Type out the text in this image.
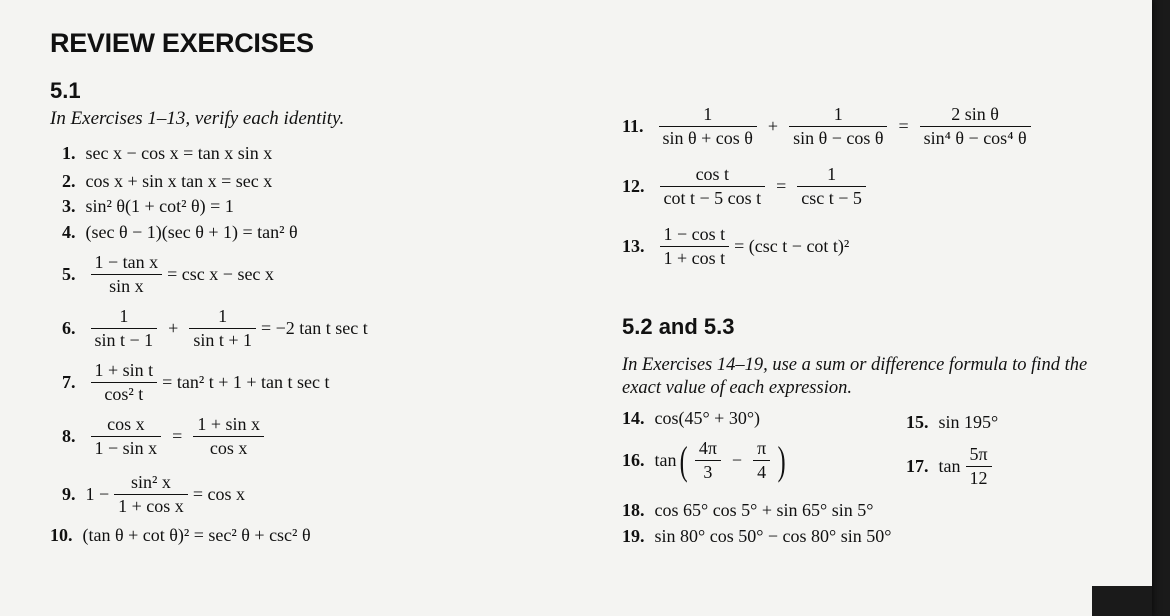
REVIEW EXERCISES
5.1
In Exercises 1–13, verify each identity.
1. sec x − cos x = tan x sin x
2. cos x + sin x tan x = sec x
3. sin² θ(1 + cot² θ) = 1
4. (sec θ − 1)(sec θ + 1) = tan² θ
5. $\frac{\text{1 − tan x}}{\text{sin x}} = \csc x - \sec x$
6. $\frac{1}{\text{sin t − 1}} + \frac{1}{\text{sin t + 1}} = -2$ tan t sec t
7. $\frac{\text{1 + sin t}}{\text{cos² t}} = \tan^2$ t + 1 + tan t sec t
8. $\frac{\text{cos x}}{\text{1 − sin x}} = \frac{\text{1 + sin x}}{\text{cos x}}$
9. $1 - \frac{\text{sin² x}}{\text{1 + cos x}} = \cos x$
10. (tan θ + cot θ)² = sec² θ + csc² θ
11. $\frac{1}{\text{sin θ + cos θ}} + \frac{1}{\text{sin θ − cos θ}} = \frac{\text{2 sin θ}}{\text{sin⁴ θ − cos⁴ θ}}$
12. $\frac{\text{cos t}}{\text{cot t − 5 cos t}} = \frac{1}{\text{csc t − 5}}$
13. $\frac{\text{1 − cos t}}{\text{1 + cos t}} = (\csc$ t − cot t)²
5.2 and 5.3
In Exercises 14–19, use a sum or difference formula to find the
exact value of each expression.
14. cos(45° + 30°)	15. sin 195°
16. tan ( $\frac{4\pi}{3} - \frac{\pi}{4}$ )	17. $\tan \frac{5\pi}{12}$
18. cos 65° cos 5° + sin 65° sin 5°
19. sin 80° cos 50° − cos 80° sin 50°
